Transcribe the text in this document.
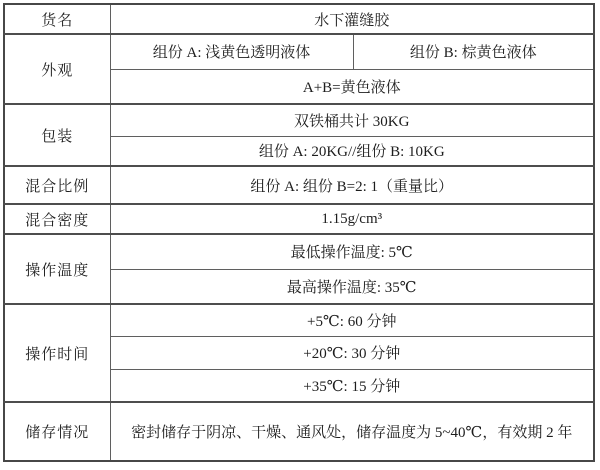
货名	水下灌缝胶	
外观	组份 A: 浅黄色透明液体	组份 B: 棕黄色液体
	A+B=黄色液体	
包装	双铁桶共计 30KG	
	组份 A: 20KG//组份 B: 10KG	
混合比例	组份 A: 组份 B=2: 1（重量比）	
混合密度	1.15g/cm³	
操作温度	最低操作温度: 5℃	
	最高操作温度: 35℃	
操作时间	+5℃: 60 分钟	
	+20℃: 30 分钟	
	+35℃: 15 分钟	
储存情况	密封储存于阴凉、干燥、通风处，储存温度为 5~40℃，有效期 2 年	
